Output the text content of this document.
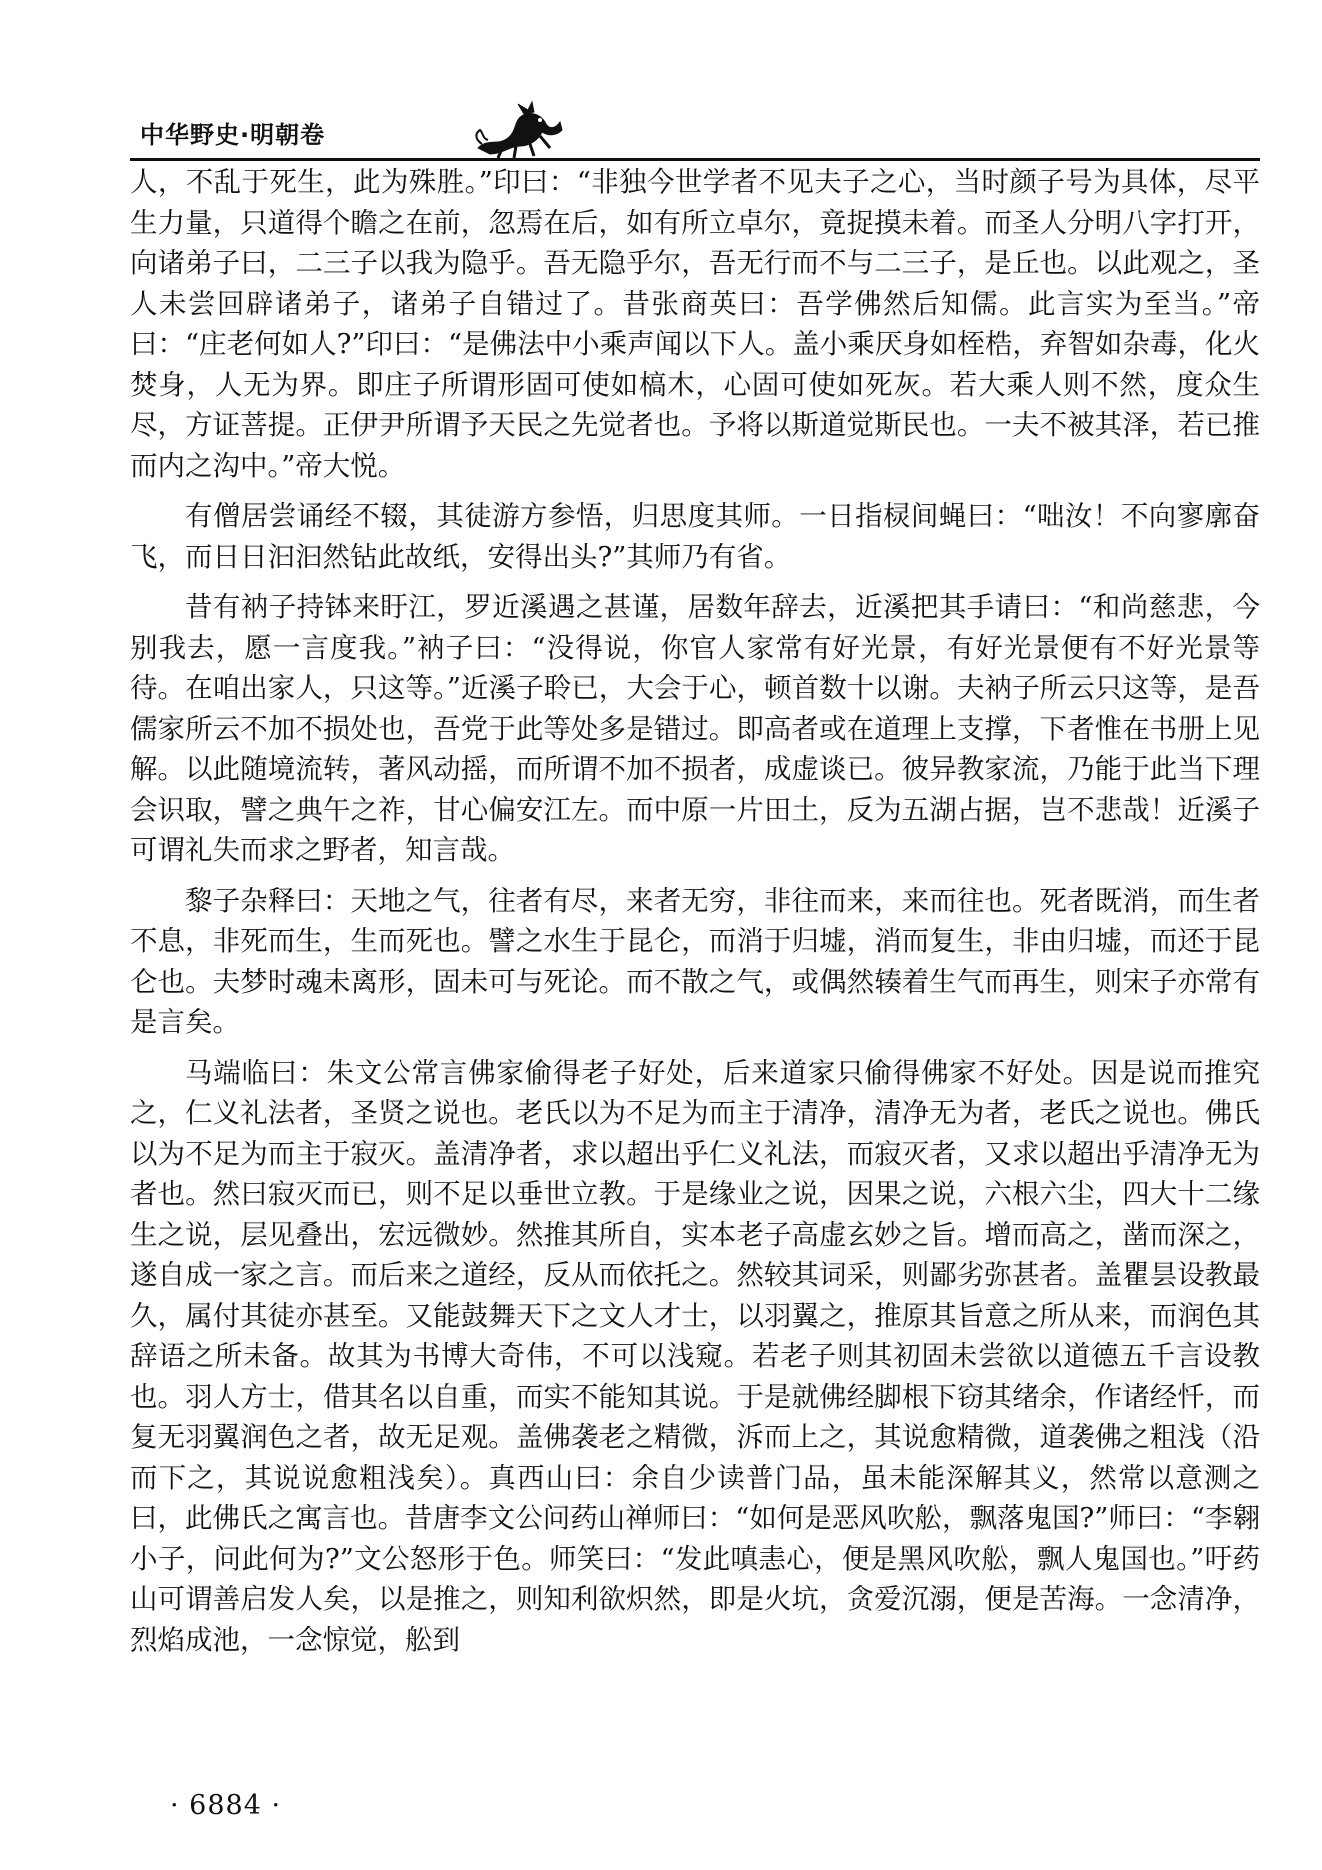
中华野史·明朝卷

人，不乱于死生，此为殊胜。”印曰：“非独今世学者不见夫子之心，当时颜子号为具体，尽平生力量，只道得个瞻之在前，忽焉在后，如有所立卓尔，竟捉摸未着。而圣人分明八字打开，向诸弟子曰，二三子以我为隐乎。吾无隐乎尔，吾无行而不与二三子，是丘也。以此观之，圣人未尝回辟诸弟子，诸弟子自错过了。昔张商英曰：吾学佛然后知儒。此言实为至当。”帝曰：“庄老何如人?”印曰：“是佛法中小乘声闻以下人。盖小乘厌身如桎梏，弃智如杂毒，化火焚身，人无为界。即庄子所谓形固可使如槁木，心固可使如死灰。若大乘人则不然，度众生尽，方证菩提。正伊尹所谓予天民之先觉者也。予将以斯道觉斯民也。一夫不被其泽，若已推而内之沟中。”帝大悦。

有僧居尝诵经不辍，其徒游方参悟，归思度其师。一日指棂间蝇曰：“咄汝！不向寥廓奋飞，而日日汩汩然钻此故纸，安得出头?”其师乃有省。

昔有衲子持钵来盱江，罗近溪遇之甚谨，居数年辞去，近溪把其手请曰：“和尚慈悲，今别我去，愿一言度我。”衲子曰：“没得说，你官人家常有好光景，有好光景便有不好光景等待。在咱出家人，只这等。”近溪子聆已，大会于心，顿首数十以谢。夫衲子所云只这等，是吾儒家所云不加不损处也，吾党于此等处多是错过。即高者或在道理上支撑，下者惟在书册上见解。以此随境流转，著风动摇，而所谓不加不损者，成虚谈已。彼异教家流，乃能于此当下理会识取，譬之典午之祚，甘心偏安江左。而中原一片田土，反为五湖占据，岂不悲哉！近溪子可谓礼失而求之野者，知言哉。

黎子杂释曰：天地之气，往者有尽，来者无穷，非往而来，来而往也。死者既消，而生者不息，非死而生，生而死也。譬之水生于昆仑，而消于归墟，消而复生，非由归墟，而还于昆仑也。夫梦时魂未离形，固未可与死论。而不散之气，或偶然辏着生气而再生，则宋子亦常有是言矣。

马端临曰：朱文公常言佛家偷得老子好处，后来道家只偷得佛家不好处。因是说而推究之，仁义礼法者，圣贤之说也。老氏以为不足为而主于清净，清净无为者，老氏之说也。佛氏以为不足为而主于寂灭。盖清净者，求以超出乎仁义礼法，而寂灭者，又求以超出乎清净无为者也。然曰寂灭而已，则不足以垂世立教。于是缘业之说，因果之说，六根六尘，四大十二缘生之说，层见叠出，宏远微妙。然推其所自，实本老子高虚玄妙之旨。增而高之，凿而深之，遂自成一家之言。而后来之道经，反从而依托之。然较其词采，则鄙劣弥甚者。盖瞿昙设教最久，属付其徒亦甚至。又能鼓舞天下之文人才士，以羽翼之，推原其旨意之所从来，而润色其辞语之所未备。故其为书博大奇伟，不可以浅窥。若老子则其初固未尝欲以道德五千言设教也。羽人方士，借其名以自重，而实不能知其说。于是就佛经脚根下窃其绪余，作诸经忏，而复无羽翼润色之者，故无足观。盖佛袭老之精微，泝而上之，其说愈精微，道袭佛之粗浅（沿而下之，其说说愈粗浅矣）。真西山曰：余自少读普门品，虽未能深解其义，然常以意测之曰，此佛氏之寓言也。昔唐李文公问药山禅师曰：“如何是恶风吹舩，飘落鬼国?”师曰：“李翱小子，问此何为?”文公怒形于色。师笑曰：“发此嗔恚心，便是黑风吹舩，飘人鬼国也。”吁药山可谓善启发人矣，以是推之，则知利欲炽然，即是火坑，贪爱沉溺，便是苦海。一念清净，烈焰成池，一念惊觉，舩到

· 6884 ·
